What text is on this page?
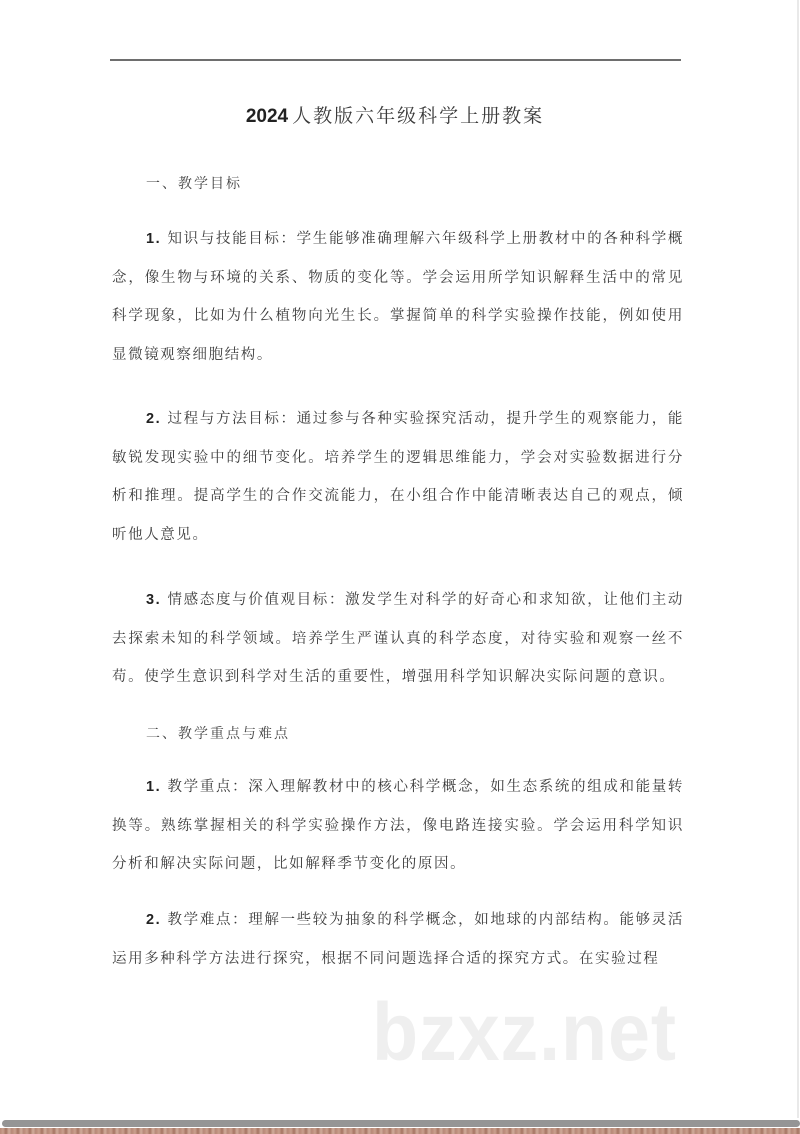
2024 人教版六年级科学上册教案
一、教学目标
1. 知识与技能目标：学生能够准确理解六年级科学上册教材中的各种科学概念，像生物与环境的关系、物质的变化等。学会运用所学知识解释生活中的常见科学现象，比如为什么植物向光生长。掌握简单的科学实验操作技能，例如使用显微镜观察细胞结构。
2. 过程与方法目标：通过参与各种实验探究活动，提升学生的观察能力，能敏锐发现实验中的细节变化。培养学生的逻辑思维能力，学会对实验数据进行分析和推理。提高学生的合作交流能力，在小组合作中能清晰表达自己的观点，倾听他人意见。
3. 情感态度与价值观目标：激发学生对科学的好奇心和求知欲，让他们主动去探索未知的科学领域。培养学生严谨认真的科学态度，对待实验和观察一丝不苟。使学生意识到科学对生活的重要性，增强用科学知识解决实际问题的意识。
二、教学重点与难点
1. 教学重点：深入理解教材中的核心科学概念，如生态系统的组成和能量转换等。熟练掌握相关的科学实验操作方法，像电路连接实验。学会运用科学知识分析和解决实际问题，比如解释季节变化的原因。
2. 教学难点：理解一些较为抽象的科学概念，如地球的内部结构。能够灵活运用多种科学方法进行探究，根据不同问题选择合适的探究方式。在实验过程
bzxz.net
